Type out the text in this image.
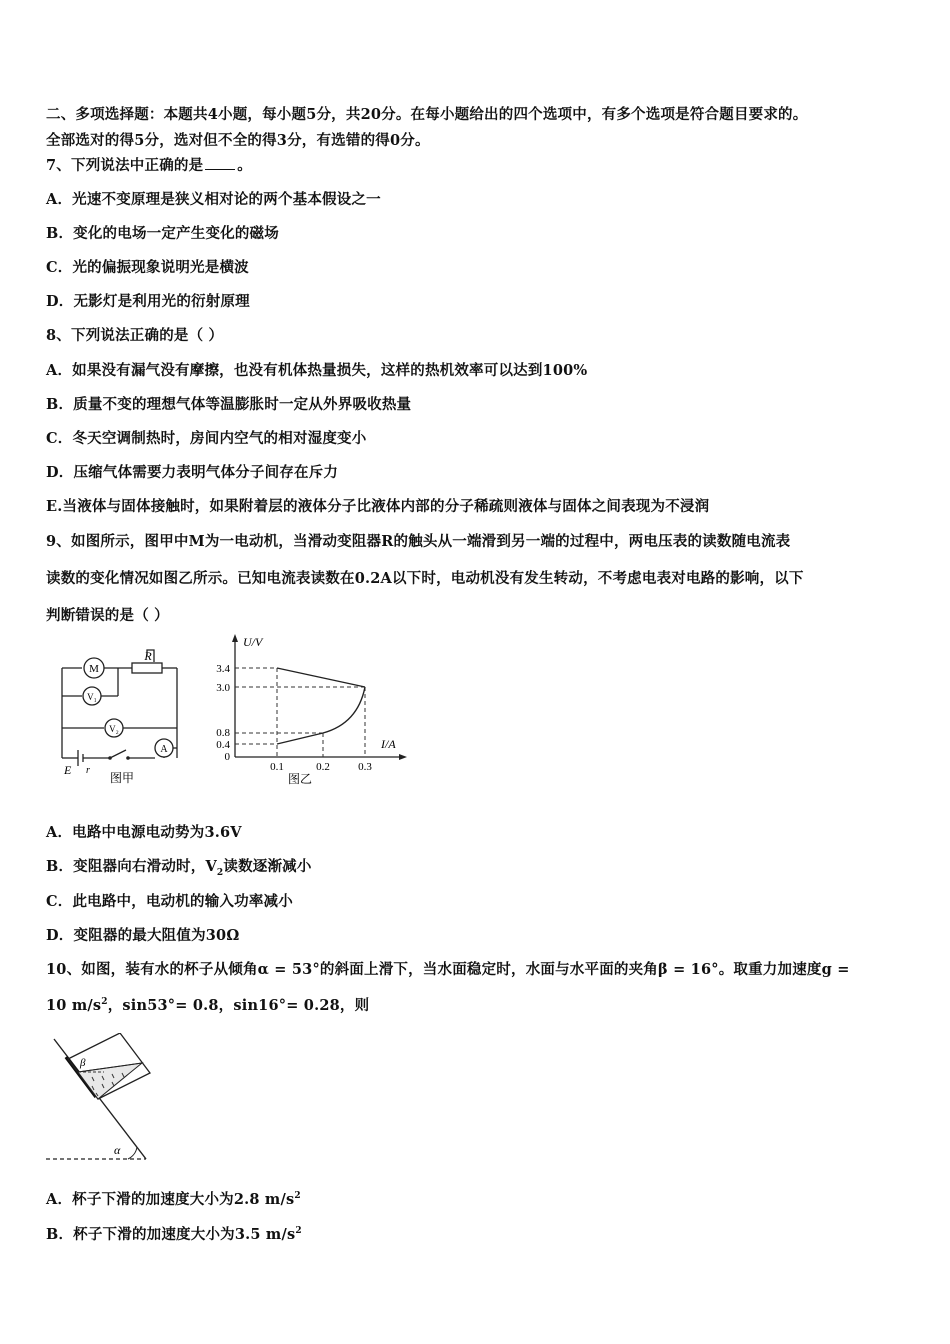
二、多项选择题：本题共4小题，每小题5分，共20分。在每小题给出的四个选项中，有多个选项是符合题目要求的。
全部选对的得5分，选对但不全的得3分，有选错的得0分。
7、下列说法中正确的是 。
A．光速不变原理是狭义相对论的两个基本假设之一
B．变化的电场一定产生变化的磁场
C．光的偏振现象说明光是横波
D．无影灯是利用光的衍射原理
8、下列说法正确的是（ ）
A．如果没有漏气没有摩擦，也没有机体热量损失，这样的热机效率可以达到100%
B．质量不变的理想气体等温膨胀时一定从外界吸收热量
C．冬天空调制热时，房间内空气的相对湿度变小
D．压缩气体需要力表明气体分子间存在斥力
E.当液体与固体接触时，如果附着层的液体分子比液体内部的分子稀疏则液体与固体之间表现为不浸润
9、如图所示，图甲中M为一电动机，当滑动变阻器R的触头从一端滑到另一端的过程中，两电压表的读数随电流表
读数的变化情况如图乙所示。已知电流表读数在0.2A以下时，电动机没有发生转动，不考虑电表对电路的影响，以下
判断错误的是（ ）
M
R
V₁
V₂
A
E r
图甲
U/V
I/A
3.4
3.0
0.8
0.4
0
0.1	0.2	0.3
图乙
A．电路中电源电动势为3.6V
B．变阻器向右滑动时，$V_2$读数逐渐减小
C．此电路中，电动机的输入功率减小
D．变阻器的最大阻值为30Ω
10、如图，装有水的杯子从倾角α = 53°的斜面上滑下，当水面稳定时，水面与水平面的夹角β = 16°。取重力加速度g =
10 $m/s^2$，sin53°= 0.8，sin16°= 0.28，则
α
β
A．杯子下滑的加速度大小为2.8 $m/s^2$
B．杯子下滑的加速度大小为3.5 $m/s^2$
